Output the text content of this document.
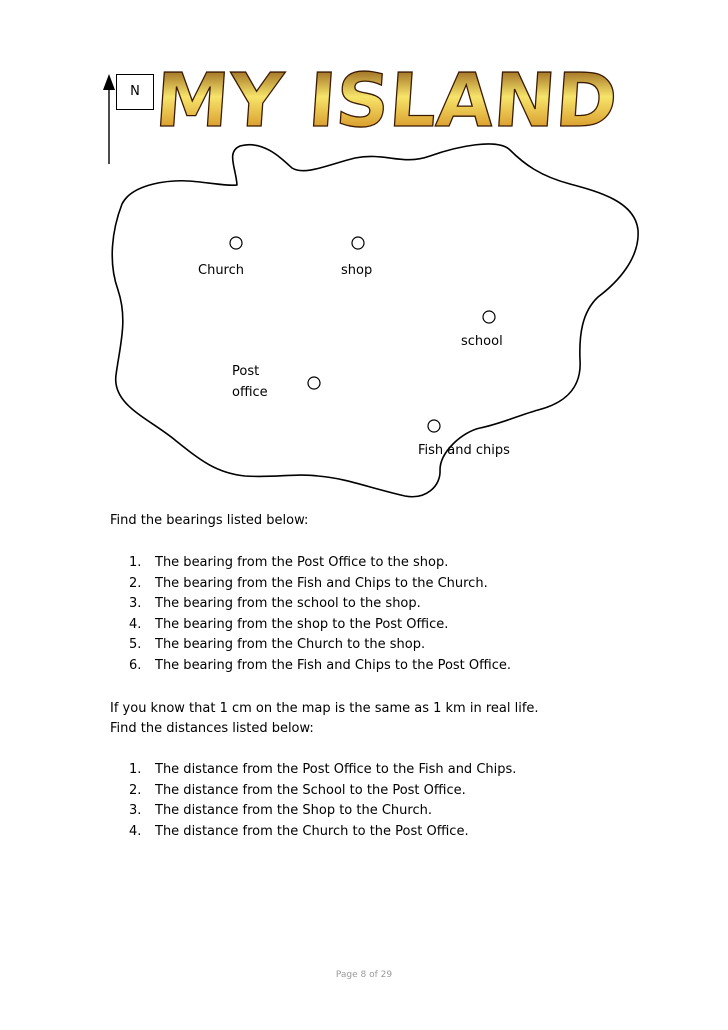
N MY ISLAND
Church	shop
school
Post
office
Fish and chips
Find the bearings listed below:
1. The bearing from the Post Office to the shop.
2. The bearing from the Fish and Chips to the Church.
3. The bearing from the school to the shop.
4. The bearing from the shop to the Post Office.
5. The bearing from the Church to the shop.
6. The bearing from the Fish and Chips to the Post Office.
If you know that 1 cm on the map is the same as 1 km in real life.
Find the distances listed below:
1. The distance from the Post Office to the Fish and Chips.
2. The distance from the School to the Post Office.
3. The distance from the Shop to the Church.
4. The distance from the Church to the Post Office.
Page 8 of 29
